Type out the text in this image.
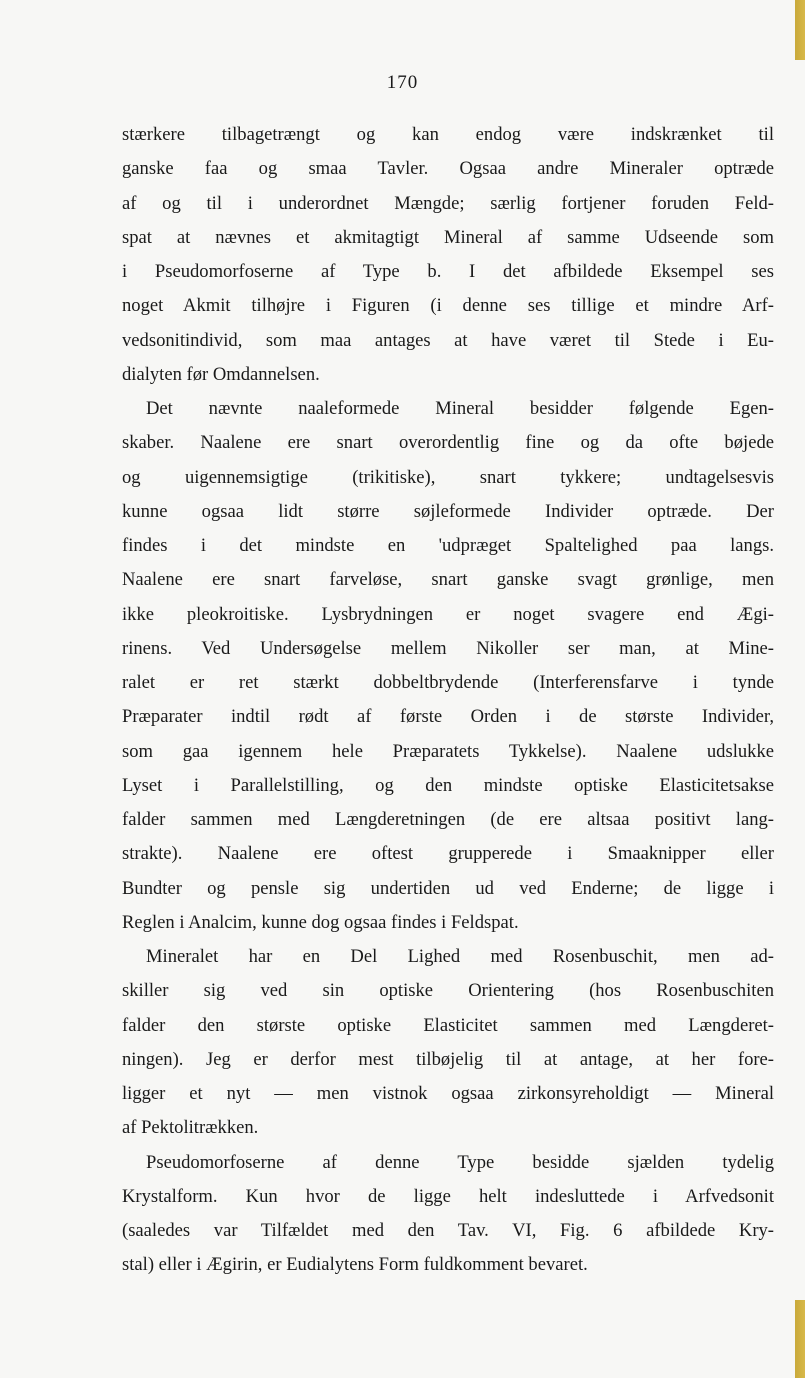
170
stærkere tilbagetrængt og kan endog være indskrænket til
ganske faa og smaa Tavler. Ogsaa andre Mineraler optræde
af og til i underordnet Mængde; særlig fortjener foruden Feld-
spat at nævnes et akmitagtigt Mineral af samme Udseende som
i Pseudomorfoserne af Type b. I det afbildede Eksempel ses
noget Akmit tilhøjre i Figuren (i denne ses tillige et mindre Arf-
vedsonitindivid, som maa antages at have været til Stede i Eu-
dialyten før Omdannelsen.
Det nævnte naaleformede Mineral besidder følgende Egen-
skaber. Naalene ere snart overordentlig fine og da ofte bøjede
og uigennemsigtige (trikitiske), snart tykkere; undtagelsesvis
kunne ogsaa lidt større søjleformede Individer optræde. Der
findes i det mindste en 'udpræget Spaltelighed paa langs.
Naalene ere snart farveløse, snart ganske svagt grønlige, men
ikke pleokroitiske. Lysbrydningen er noget svagere end Ægi-
rinens. Ved Undersøgelse mellem Nikoller ser man, at Mine-
ralet er ret stærkt dobbeltbrydende (Interferensfarve i tynde
Præparater indtil rødt af første Orden i de største Individer,
som gaa igennem hele Præparatets Tykkelse). Naalene udslukke
Lyset i Parallelstilling, og den mindste optiske Elasticitetsakse
falder sammen med Længderetningen (de ere altsaa positivt lang-
strakte). Naalene ere oftest grupperede i Smaaknipper eller
Bundter og pensle sig undertiden ud ved Enderne; de ligge i
Reglen i Analcim, kunne dog ogsaa findes i Feldspat.
Mineralet har en Del Lighed med Rosenbuschit, men ad-
skiller sig ved sin optiske Orientering (hos Rosenbuschiten
falder den største optiske Elasticitet sammen med Længderet-
ningen). Jeg er derfor mest tilbøjelig til at antage, at her fore-
ligger et nyt — men vistnok ogsaa zirkonsyreholdigt — Mineral
af Pektolitrækken.
Pseudomorfoserne af denne Type besidde sjælden tydelig
Krystalform. Kun hvor de ligge helt indesluttede i Arfvedsonit
(saaledes var Tilfældet med den Tav. VI, Fig. 6 afbildede Kry-
stal) eller i Ægirin, er Eudialytens Form fuldkomment bevaret.
